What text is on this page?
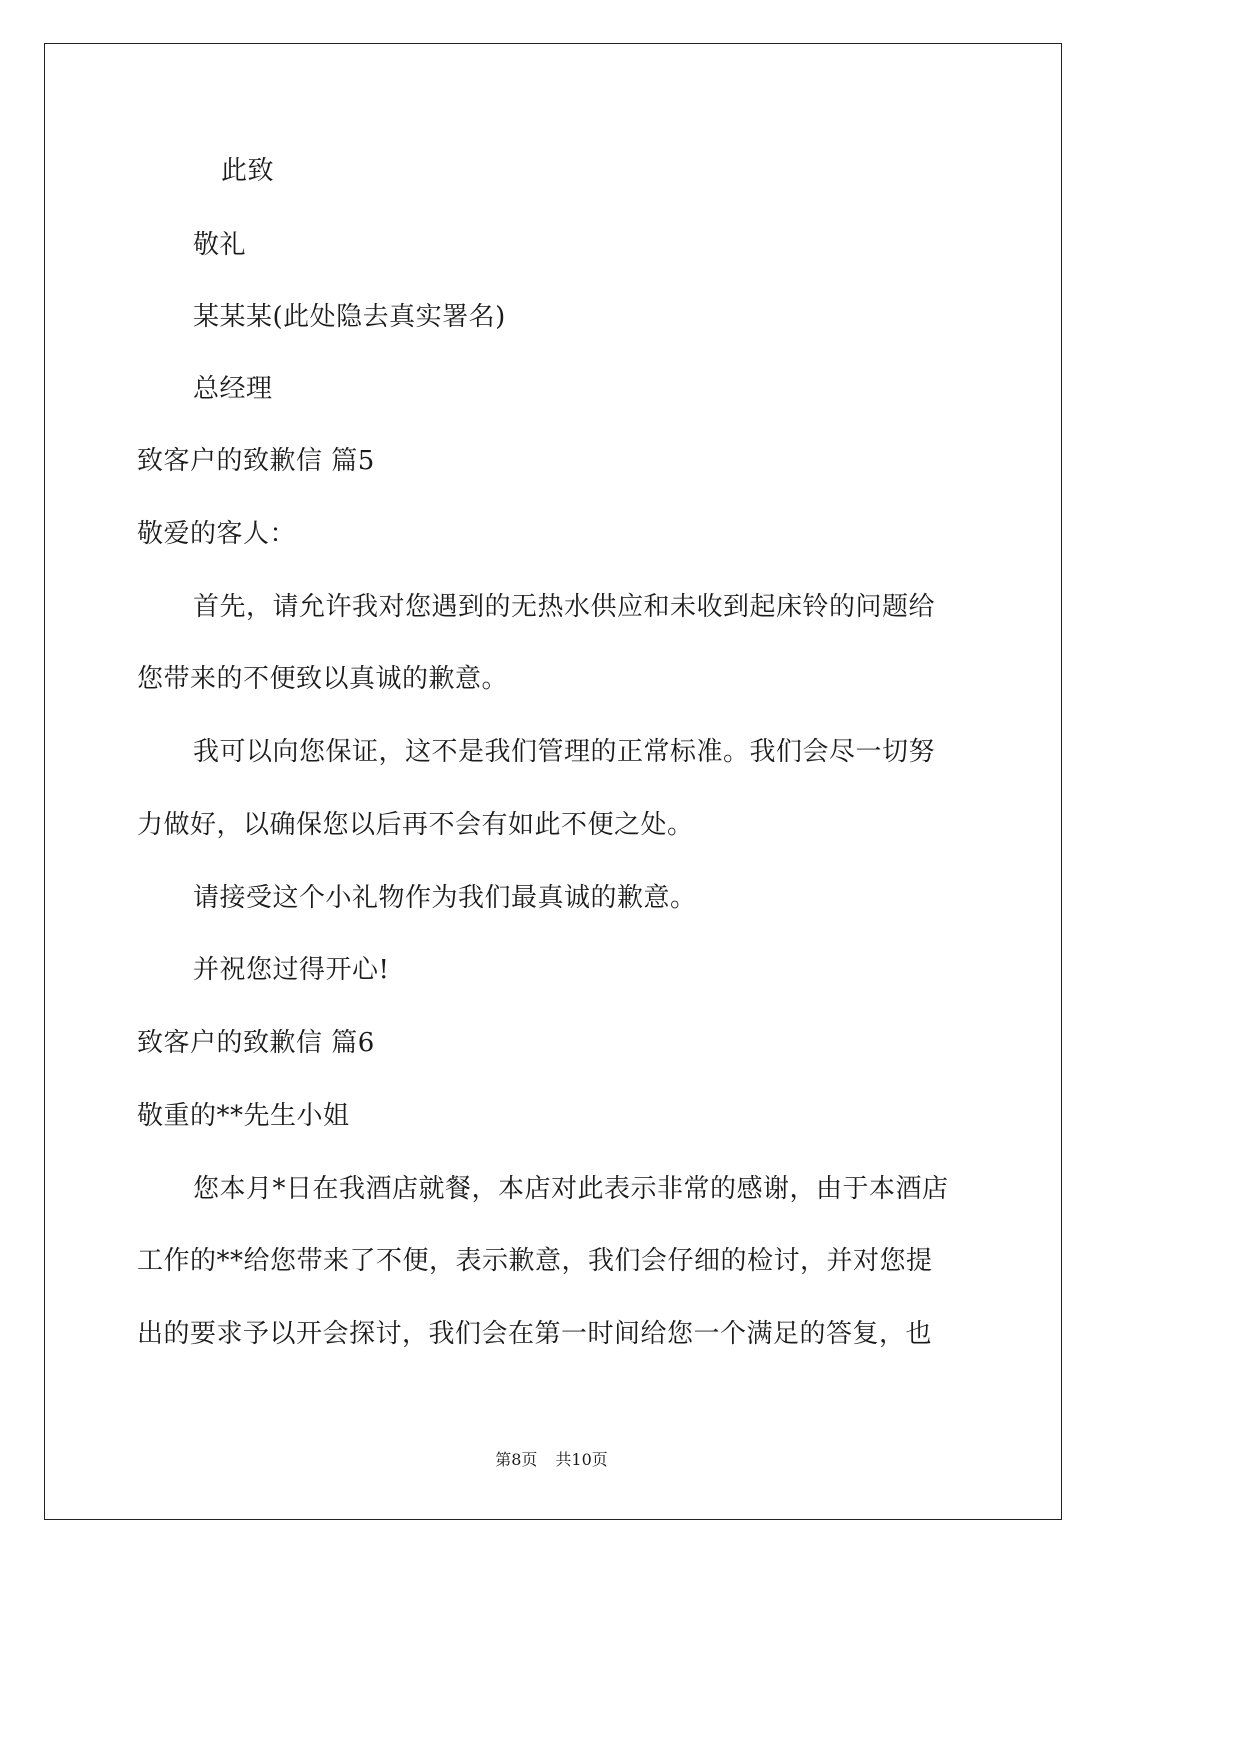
此致

敬礼

某某某(此处隐去真实署名)

总经理

致客户的致歉信 篇5

敬爱的客人：

首先，请允许我对您遇到的无热水供应和未收到起床铃的问题给

您带来的不便致以真诚的歉意。

我可以向您保证，这不是我们管理的正常标准。我们会尽一切努

力做好，以确保您以后再不会有如此不便之处。

请接受这个小礼物作为我们最真诚的歉意。

并祝您过得开心!

致客户的致歉信 篇6

敬重的**先生小姐

您本月*日在我酒店就餐，本店对此表示非常的感谢，由于本酒店

工作的**给您带来了不便，表示歉意，我们会仔细的检讨，并对您提

出的要求予以开会探讨，我们会在第一时间给您一个满足的答复，也

第8页 共10页
